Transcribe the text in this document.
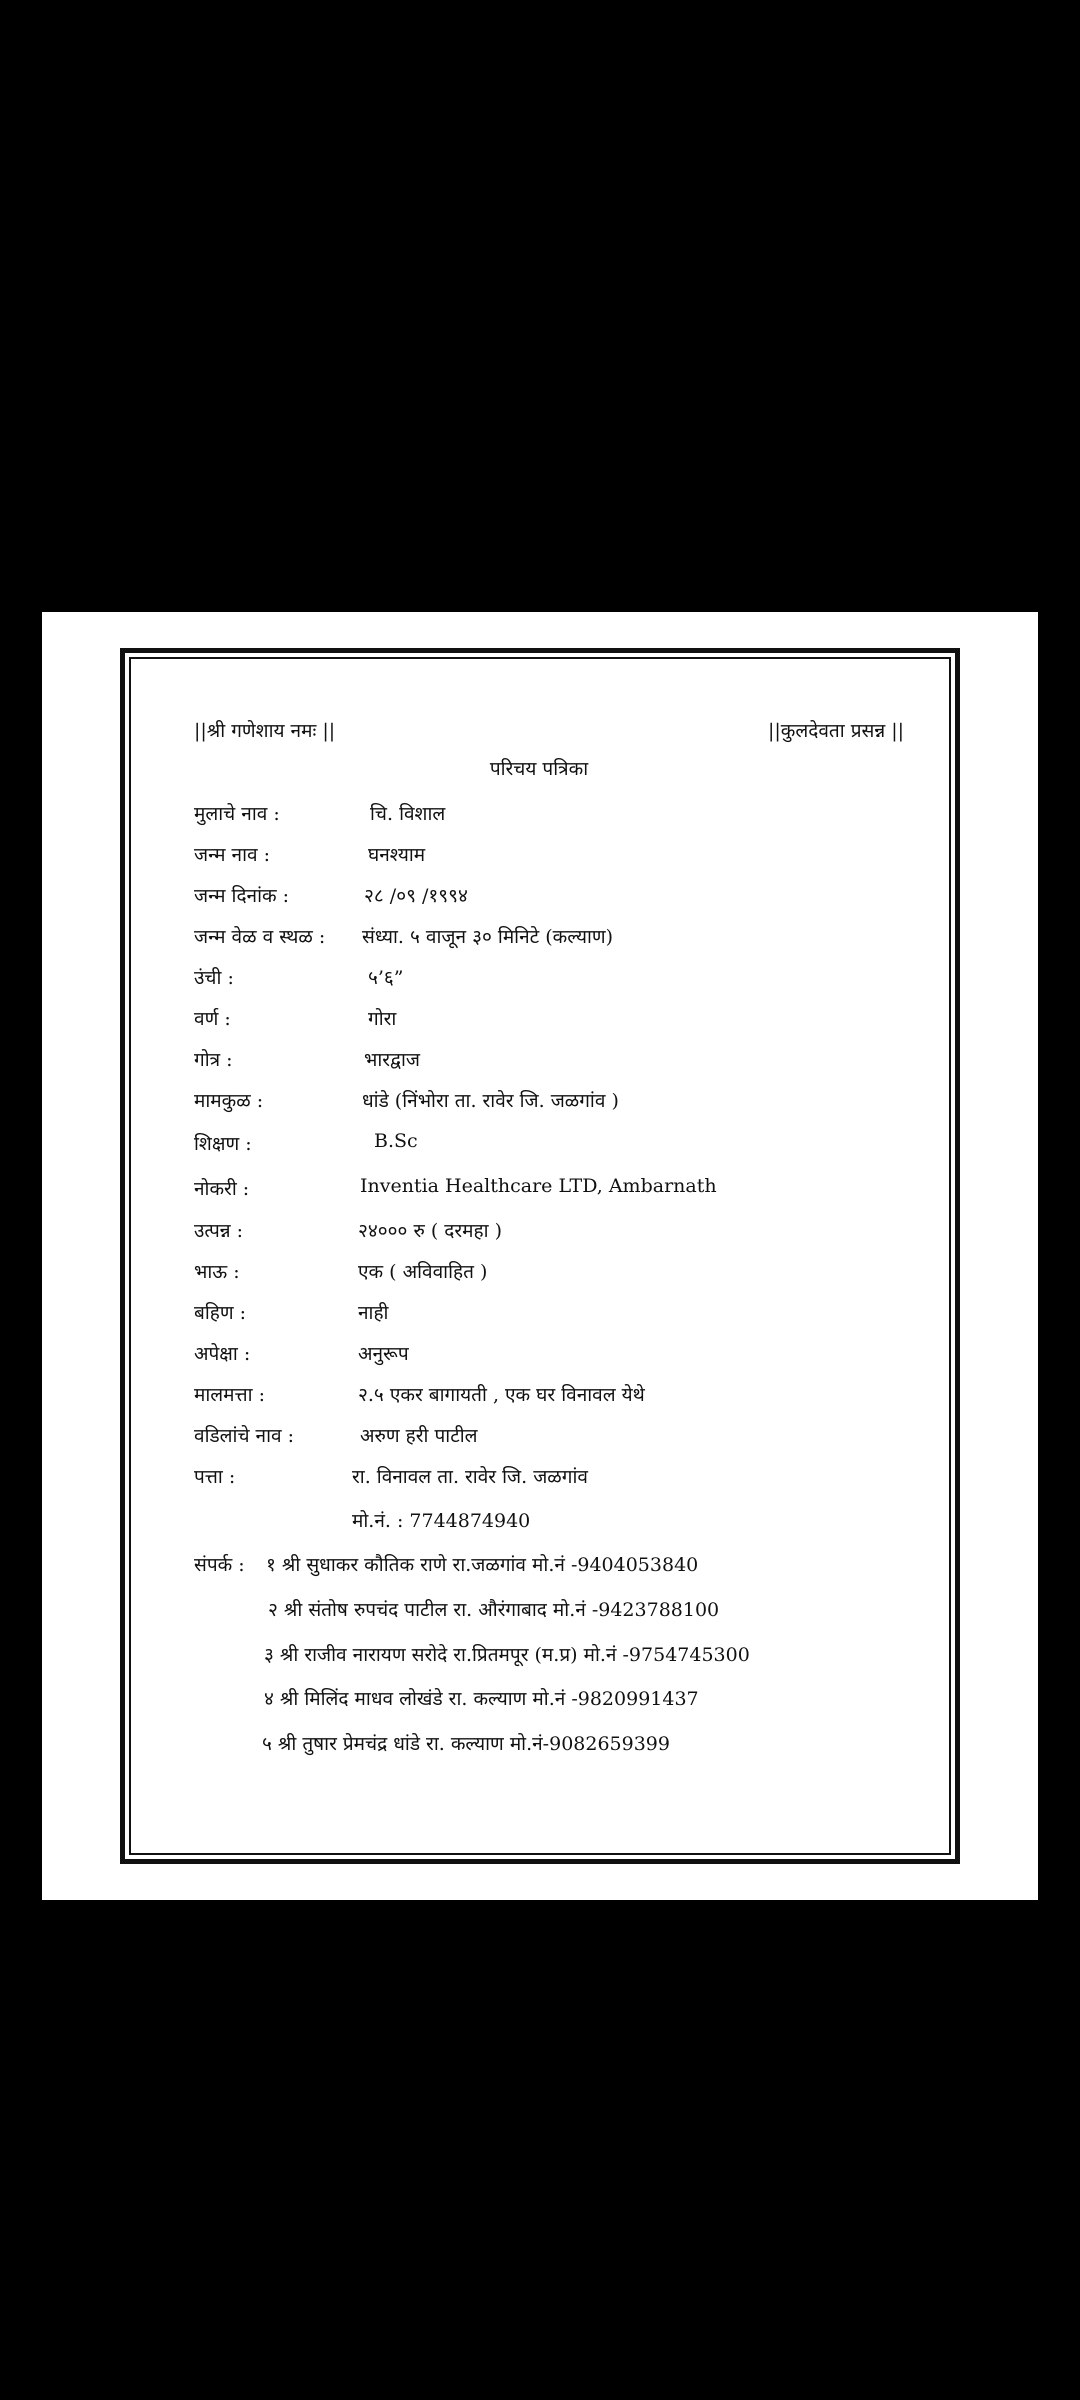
||श्री गणेशाय नमः ||	||कुलदेवता प्रसन्न ||
परिचय पत्रिका
मुलाचे नाव :	चि. विशाल
जन्म नाव :	घनश्याम
जन्म दिनांक :	२८ /०९ /१९९४
जन्म वेळ व स्थळ : संध्या. ५ वाजून ३० मिनिटे (कल्याण)
उंची :	५’६”
वर्ण :	गोरा
गोत्र :	भारद्वाज
मामकुळ :	धांडे (निंभोरा ता. रावेर जि. जळगांव )
शिक्षण :	B.Sc
नोकरी :	Inventia Healthcare LTD, Ambarnath
उत्पन्न :	२४००० रु ( दरमहा )
भाऊ :	एक ( अविवाहित )
बहिण :	नाही
अपेक्षा :	अनुरूप
मालमत्ता :	२.५ एकर बागायती , एक घर विनावल येथे
वडिलांचे नाव :	अरुण हरी पाटील
पत्ता :	रा. विनावल ता. रावेर जि. जळगांव
मो.नं. : 7744874940
संपर्क : १ श्री सुधाकर कौतिक राणे रा.जळगांव मो.नं -9404053840
२ श्री संतोष रुपचंद पाटील रा. औरंगाबाद मो.नं -9423788100
३ श्री राजीव नारायण सरोदे रा.प्रितमपूर (म.प्र) मो.नं -9754745300
४ श्री मिलिंद माधव लोखंडे रा. कल्याण मो.नं -9820991437
५ श्री तुषार प्रेमचंद्र धांडे रा. कल्याण मो.नं-9082659399
